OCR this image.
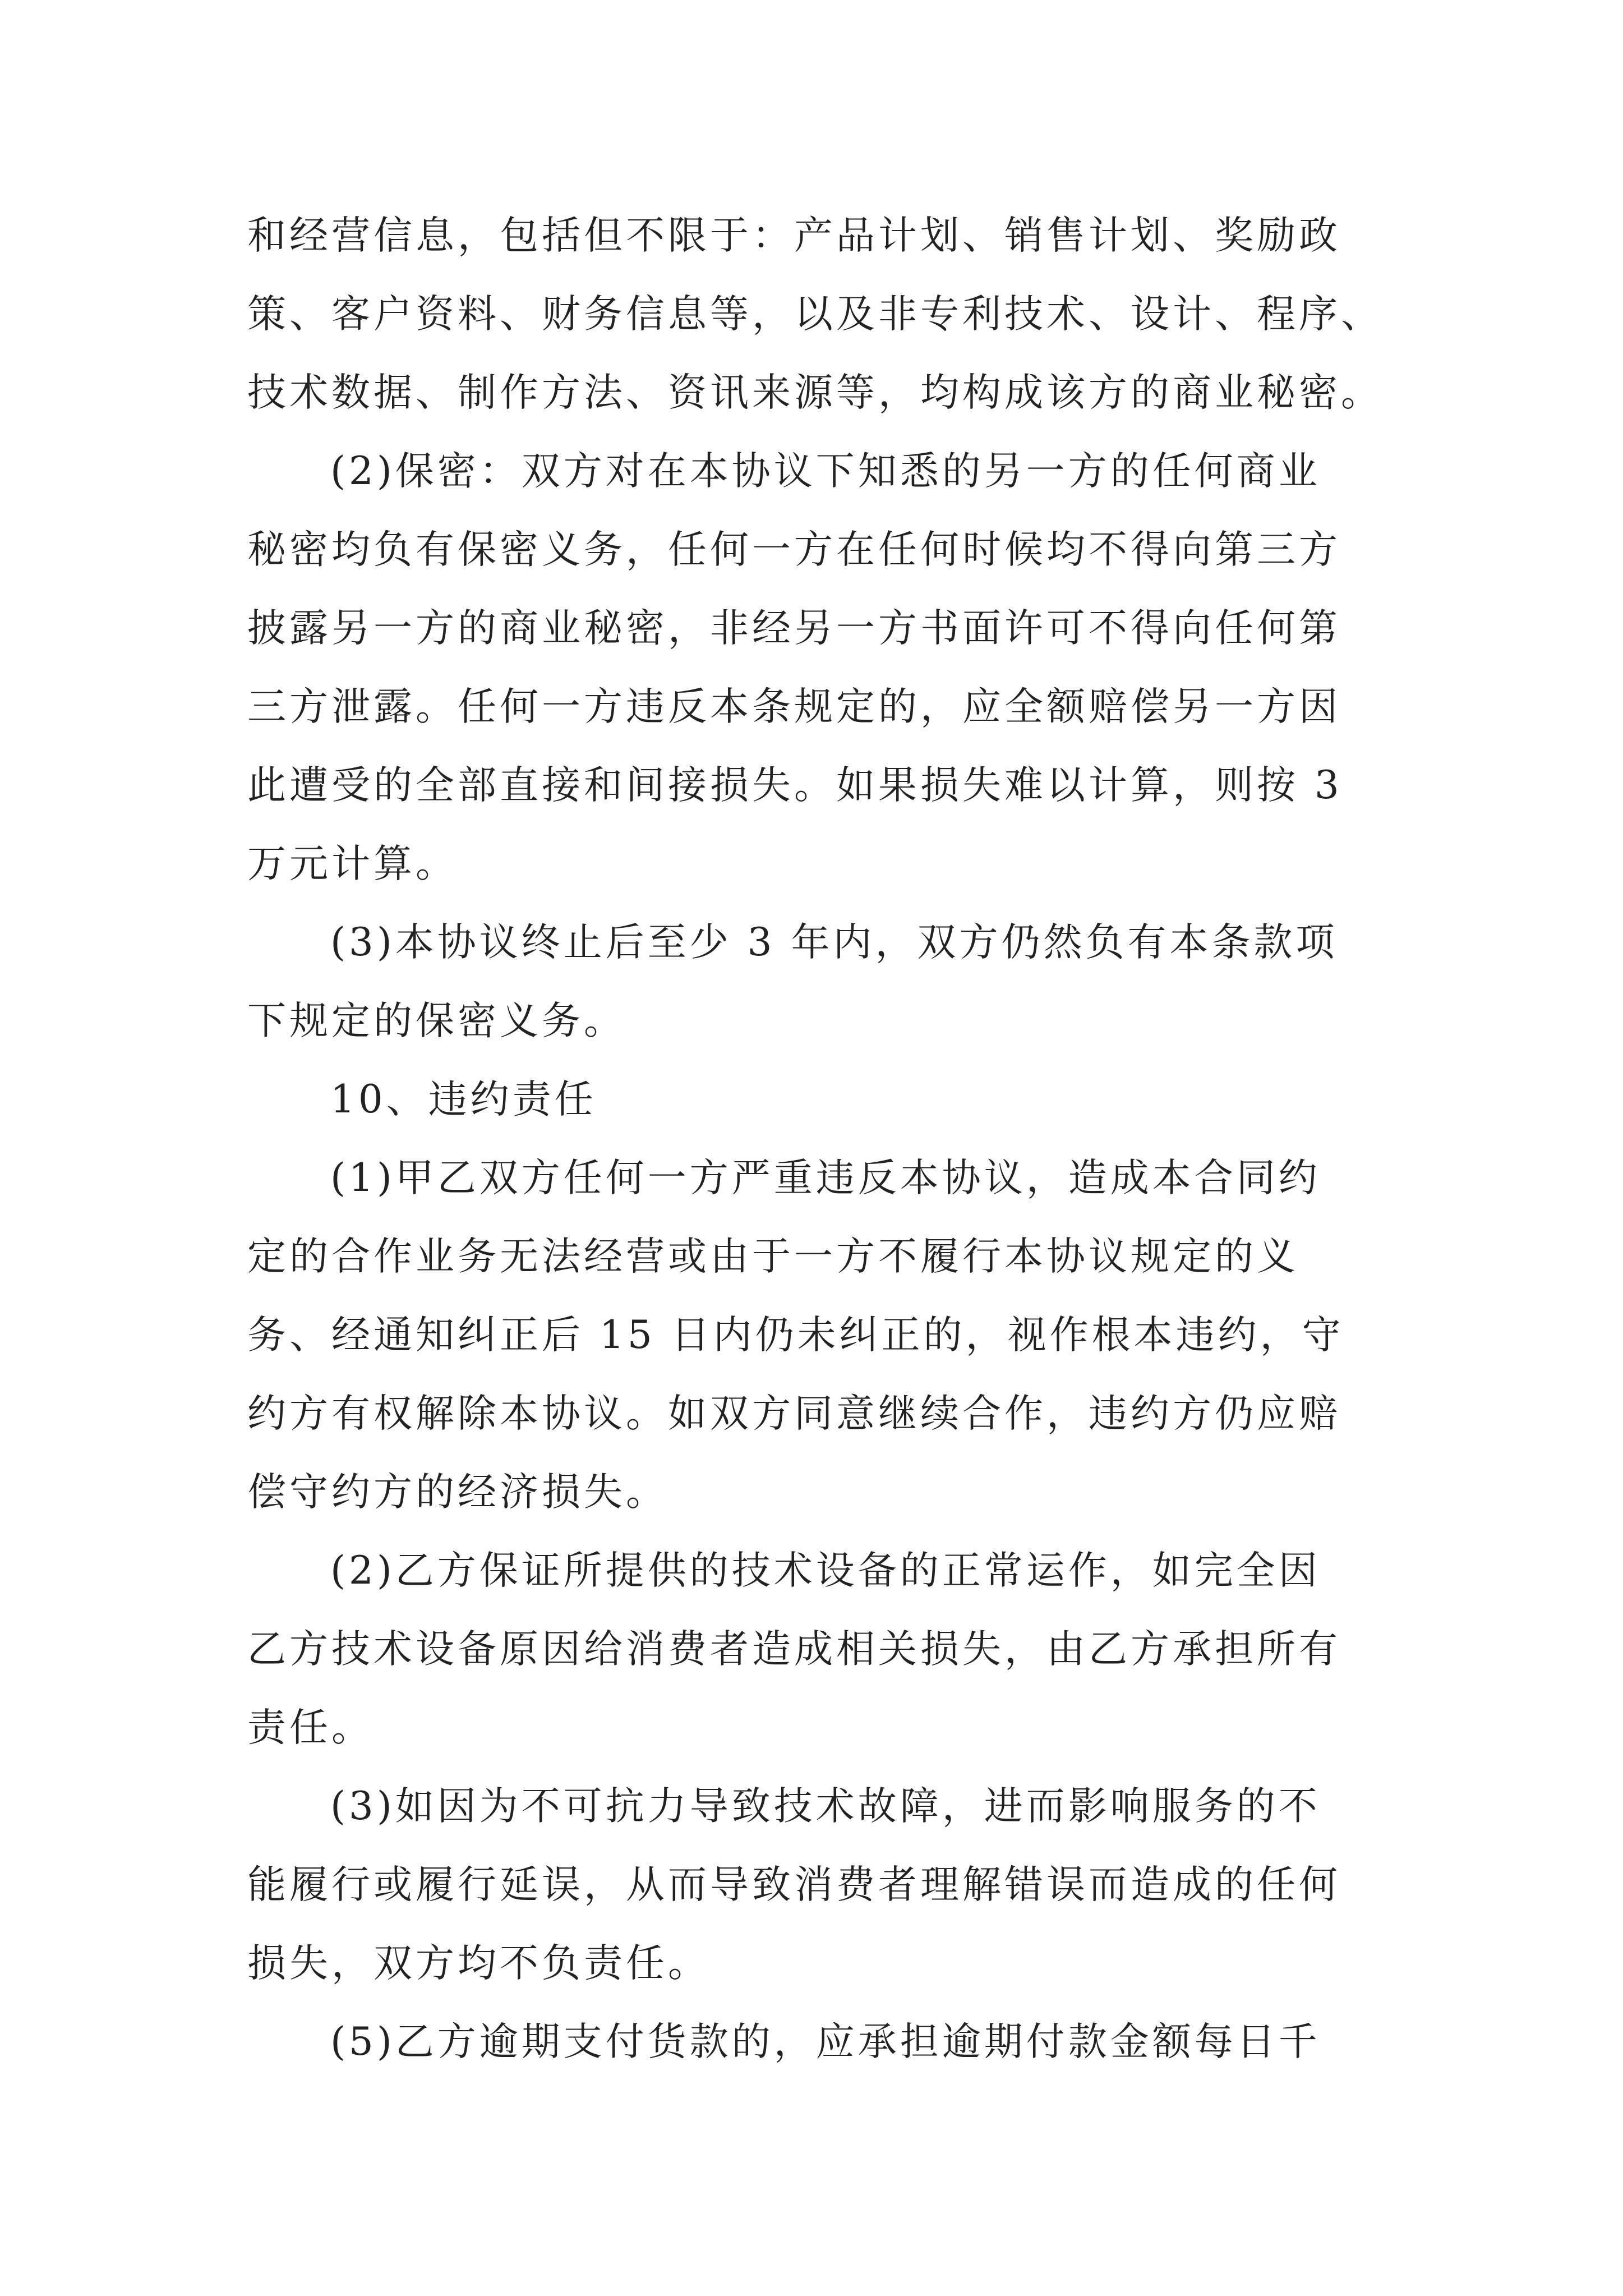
和经营信息，包括但不限于：产品计划、销售计划、奖励政
策、客户资料、财务信息等，以及非专利技术、设计、程序、
技术数据、制作方法、资讯来源等，均构成该方的商业秘密。

(2)保密：双方对在本协议下知悉的另一方的任何商业
秘密均负有保密义务，任何一方在任何时候均不得向第三方
披露另一方的商业秘密，非经另一方书面许可不得向任何第
三方泄露。任何一方违反本条规定的，应全额赔偿另一方因
此遭受的全部直接和间接损失。如果损失难以计算，则按 3
万元计算。

(3)本协议终止后至少 3 年内，双方仍然负有本条款项
下规定的保密义务。

10、违约责任

(1)甲乙双方任何一方严重违反本协议，造成本合同约
定的合作业务无法经营或由于一方不履行本协议规定的义
务、经通知纠正后 15 日内仍未纠正的，视作根本违约，守
约方有权解除本协议。如双方同意继续合作，违约方仍应赔
偿守约方的经济损失。

(2)乙方保证所提供的技术设备的正常运作，如完全因
乙方技术设备原因给消费者造成相关损失，由乙方承担所有
责任。

(3)如因为不可抗力导致技术故障，进而影响服务的不
能履行或履行延误，从而导致消费者理解错误而造成的任何
损失，双方均不负责任。

(5)乙方逾期支付货款的，应承担逾期付款金额每日千
